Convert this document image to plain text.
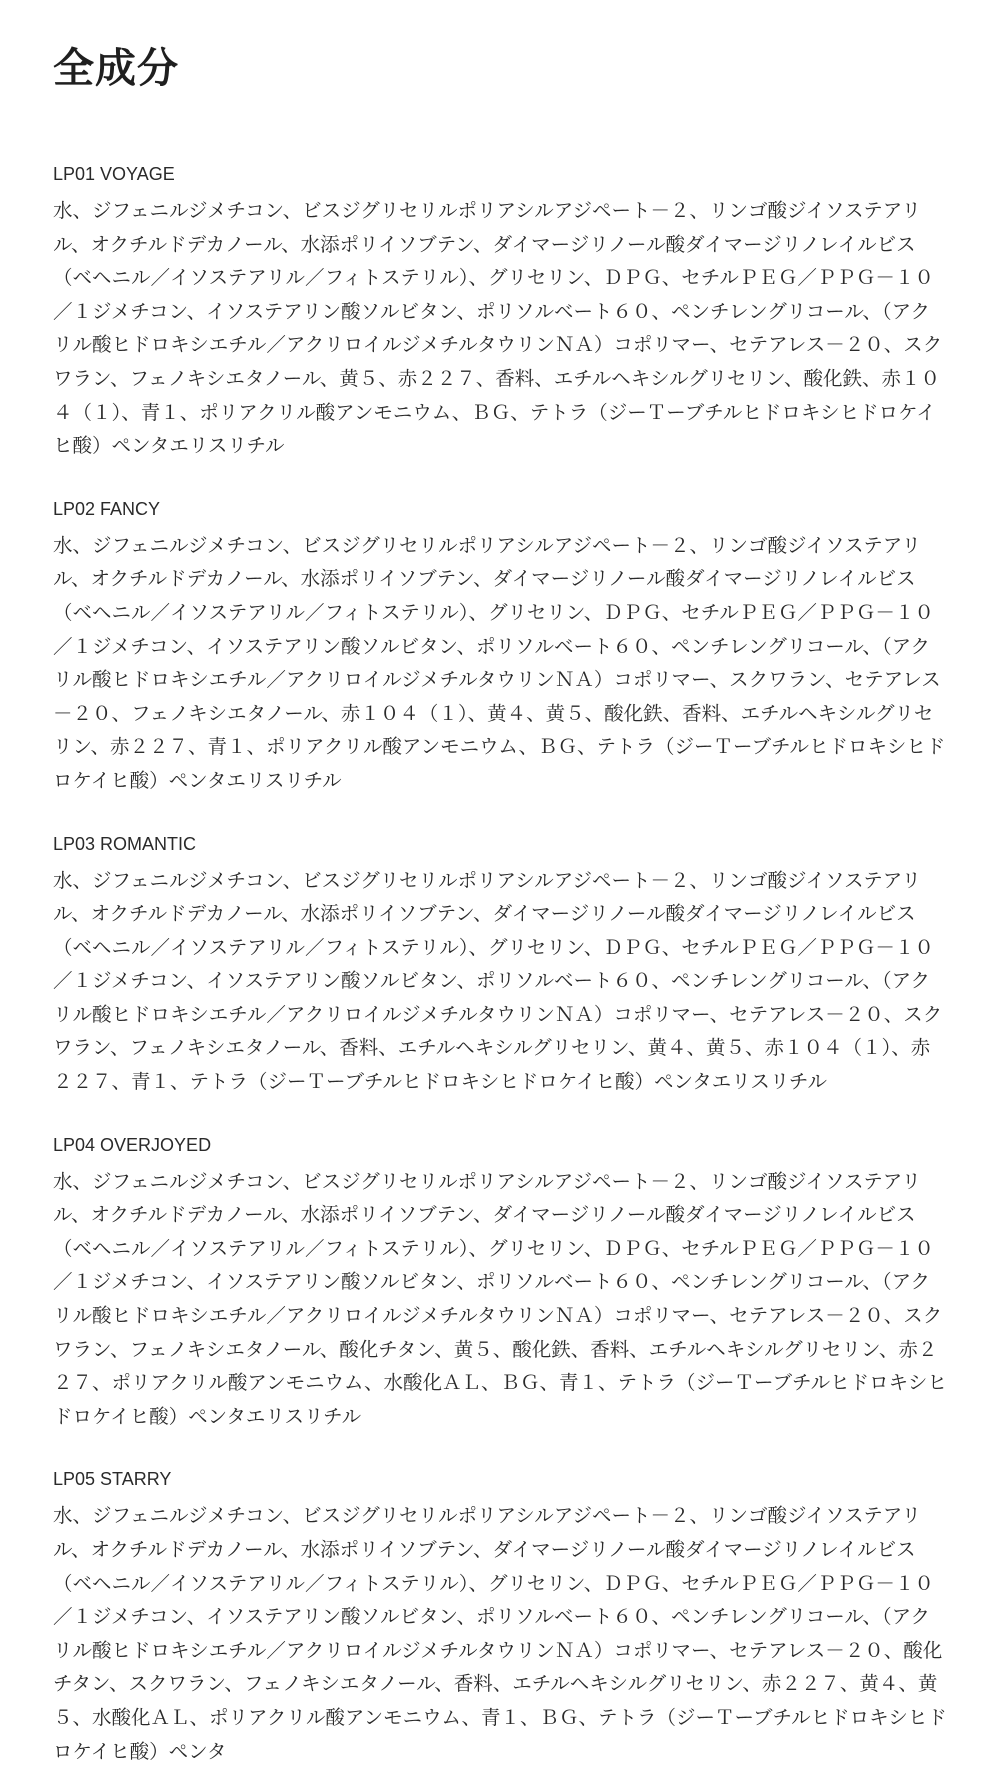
全成分
LP01 VOYAGE

水、ジフェニルジメチコン、ビスジグリセリルポリアシルアジペート－２、リンゴ酸ジイソステアリル、オクチルドデカノール、水添ポリイソブテン、ダイマージリノール酸ダイマージリノレイルビス（ベヘニル／イソステアリル／フィトステリル）、グリセリン、ＤＰＧ、セチルＰＥＧ／ＰＰＧ－１０／１ジメチコン、イソステアリン酸ソルビタン、ポリソルベート６０、ペンチレングリコール、（アクリル酸ヒドロキシエチル／アクリロイルジメチルタウリンＮＡ）コポリマー、セテアレス－２０、スクワラン、フェノキシエタノール、黄５、赤２２７、香料、エチルヘキシルグリセリン、酸化鉄、赤１０４（１）、青１、ポリアクリル酸アンモニウム、ＢＧ、テトラ（ジーＴーブチルヒドロキシヒドロケイヒ酸）ペンタエリスリチル

LP02 FANCY

水、ジフェニルジメチコン、ビスジグリセリルポリアシルアジペート－２、リンゴ酸ジイソステアリル、オクチルドデカノール、水添ポリイソブテン、ダイマージリノール酸ダイマージリノレイルビス（ベヘニル／イソステアリル／フィトステリル）、グリセリン、ＤＰＧ、セチルＰＥＧ／ＰＰＧ－１０／１ジメチコン、イソステアリン酸ソルビタン、ポリソルベート６０、ペンチレングリコール、（アクリル酸ヒドロキシエチル／アクリロイルジメチルタウリンＮＡ）コポリマー、スクワラン、セテアレス－２０、フェノキシエタノール、赤１０４（１）、黄４、黄５、酸化鉄、香料、エチルヘキシルグリセリン、赤２２７、青１、ポリアクリル酸アンモニウム、ＢＧ、テトラ（ジーＴーブチルヒドロキシヒドロケイヒ酸）ペンタエリスリチル

LP03 ROMANTIC

水、ジフェニルジメチコン、ビスジグリセリルポリアシルアジペート－２、リンゴ酸ジイソステアリル、オクチルドデカノール、水添ポリイソブテン、ダイマージリノール酸ダイマージリノレイルビス（ベヘニル／イソステアリル／フィトステリル）、グリセリン、ＤＰＧ、セチルＰＥＧ／ＰＰＧ－１０／１ジメチコン、イソステアリン酸ソルビタン、ポリソルベート６０、ペンチレングリコール、（アクリル酸ヒドロキシエチル／アクリロイルジメチルタウリンＮＡ）コポリマー、セテアレス－２０、スクワラン、フェノキシエタノール、香料、エチルヘキシルグリセリン、黄４、黄５、赤１０４（１）、赤２２７、青１、テトラ（ジーＴーブチルヒドロキシヒドロケイヒ酸）ペンタエリスリチル

LP04 OVERJOYED

水、ジフェニルジメチコン、ビスジグリセリルポリアシルアジペート－２、リンゴ酸ジイソステアリル、オクチルドデカノール、水添ポリイソブテン、ダイマージリノール酸ダイマージリノレイルビス（ベヘニル／イソステアリル／フィトステリル）、グリセリン、ＤＰＧ、セチルＰＥＧ／ＰＰＧ－１０／１ジメチコン、イソステアリン酸ソルビタン、ポリソルベート６０、ペンチレングリコール、（アクリル酸ヒドロキシエチル／アクリロイルジメチルタウリンＮＡ）コポリマー、セテアレス－２０、スクワラン、フェノキシエタノール、酸化チタン、黄５、酸化鉄、香料、エチルヘキシルグリセリン、赤２２７、ポリアクリル酸アンモニウム、水酸化ＡＬ、ＢＧ、青１、テトラ（ジーＴーブチルヒドロキシヒドロケイヒ酸）ペンタエリスリチル

LP05 STARRY

水、ジフェニルジメチコン、ビスジグリセリルポリアシルアジペート－２、リンゴ酸ジイソステアリル、オクチルドデカノール、水添ポリイソブテン、ダイマージリノール酸ダイマージリノレイルビス（ベヘニル／イソステアリル／フィトステリル）、グリセリン、ＤＰＧ、セチルＰＥＧ／ＰＰＧ－１０／１ジメチコン、イソステアリン酸ソルビタン、ポリソルベート６０、ペンチレングリコール、（アクリル酸ヒドロキシエチル／アクリロイルジメチルタウリンＮＡ）コポリマー、セテアレス－２０、酸化チタン、スクワラン、フェノキシエタノール、香料、エチルヘキシルグリセリン、赤２２７、黄４、黄５、水酸化ＡＬ、ポリアクリル酸アンモニウム、青１、ＢＧ、テトラ（ジーＴーブチルヒドロキシヒドロケイヒ酸）ペンタ
